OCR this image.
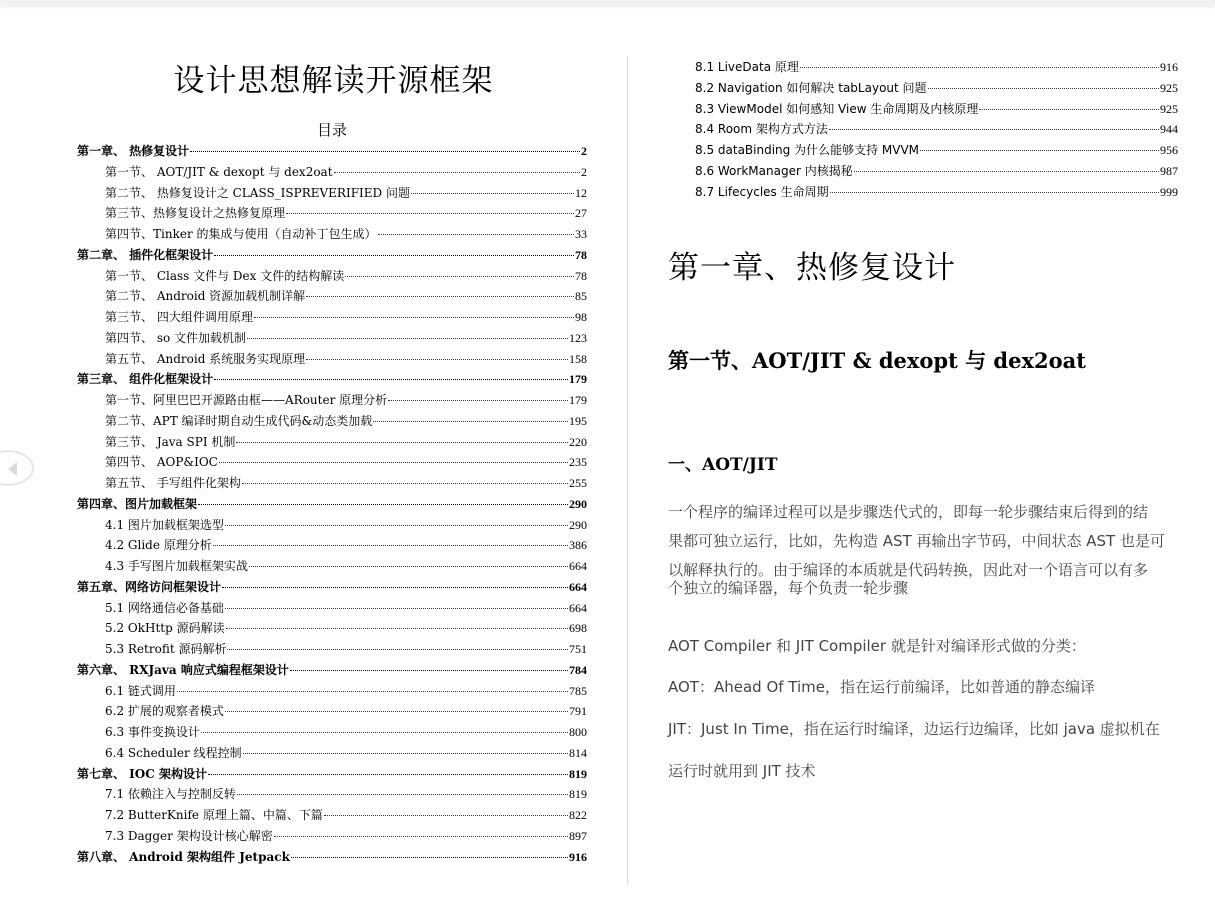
设计思想解读开源框架
目录
第一章、 热修复设计	2
第一节、 AOT/JIT & dexopt 与 dex2oat	2
第二节、 热修复设计之 CLASS_ISPREVERIFIED 问题	12
第三节、热修复设计之热修复原理	27
第四节、Tinker 的集成与使用（自动补丁包生成）	33
第二章、 插件化框架设计	78
第一节、 Class 文件与 Dex 文件的结构解读	78
第二节、 Android 资源加载机制详解	85
第三节、 四大组件调用原理	98
第四节、 so 文件加载机制	123
第五节、 Android 系统服务实现原理	158
第三章、 组件化框架设计	179
第一节、阿里巴巴开源路由框——ARouter 原理分析	179
第二节、APT 编译时期自动生成代码&动态类加载	195
第三节、 Java SPI 机制	220
第四节、 AOP&IOC	235
第五节、 手写组件化架构	255
第四章、图片加载框架	290
4.1 图片加载框架选型	290
4.2 Glide 原理分析	386
4.3 手写图片加载框架实战	664
第五章、网络访问框架设计	664
5.1 网络通信必备基础	664
5.2 OkHttp 源码解读	698
5.3 Retrofit 源码解析	751
第六章、 RXJava 响应式编程框架设计	784
6.1 链式调用	785
6.2 扩展的观察者模式	791
6.3 事件变换设计	800
6.4 Scheduler 线程控制	814
第七章、 IOC 架构设计	819
7.1 依赖注入与控制反转	819
7.2 ButterKnife 原理上篇、中篇、下篇	822
7.3 Dagger 架构设计核心解密	897
第八章、 Android 架构组件 Jetpack	916
8.1 LiveData 原理	916
8.2 Navigation 如何解决 tabLayout 问题	925
8.3 ViewModel 如何感知 View 生命周期及内核原理	925
8.4 Room 架构方式方法	944
8.5 dataBinding 为什么能够支持 MVVM	956
8.6 WorkManager 内核揭秘	987
8.7 Lifecycles 生命周期	999
第一章、热修复设计
第一节、AOT/JIT & dexopt 与 dex2oat
一、AOT/JIT

一个程序的编译过程可以是步骤迭代式的，即每一轮步骤结束后得到的结
果都可独立运行，比如，先构造 AST 再输出字节码，中间状态 AST 也是可
以解释执行的。由于编译的本质就是代码转换，因此对一个语言可以有多
个独立的编译器，每个负责一轮步骤

AOT Compiler 和 JIT Compiler 就是针对编译形式做的分类：

AOT：Ahead Of Time，指在运行前编译，比如普通的静态编译

JIT：Just In Time，指在运行时编译，边运行边编译，比如 java 虚拟机在

运行时就用到 JIT 技术
